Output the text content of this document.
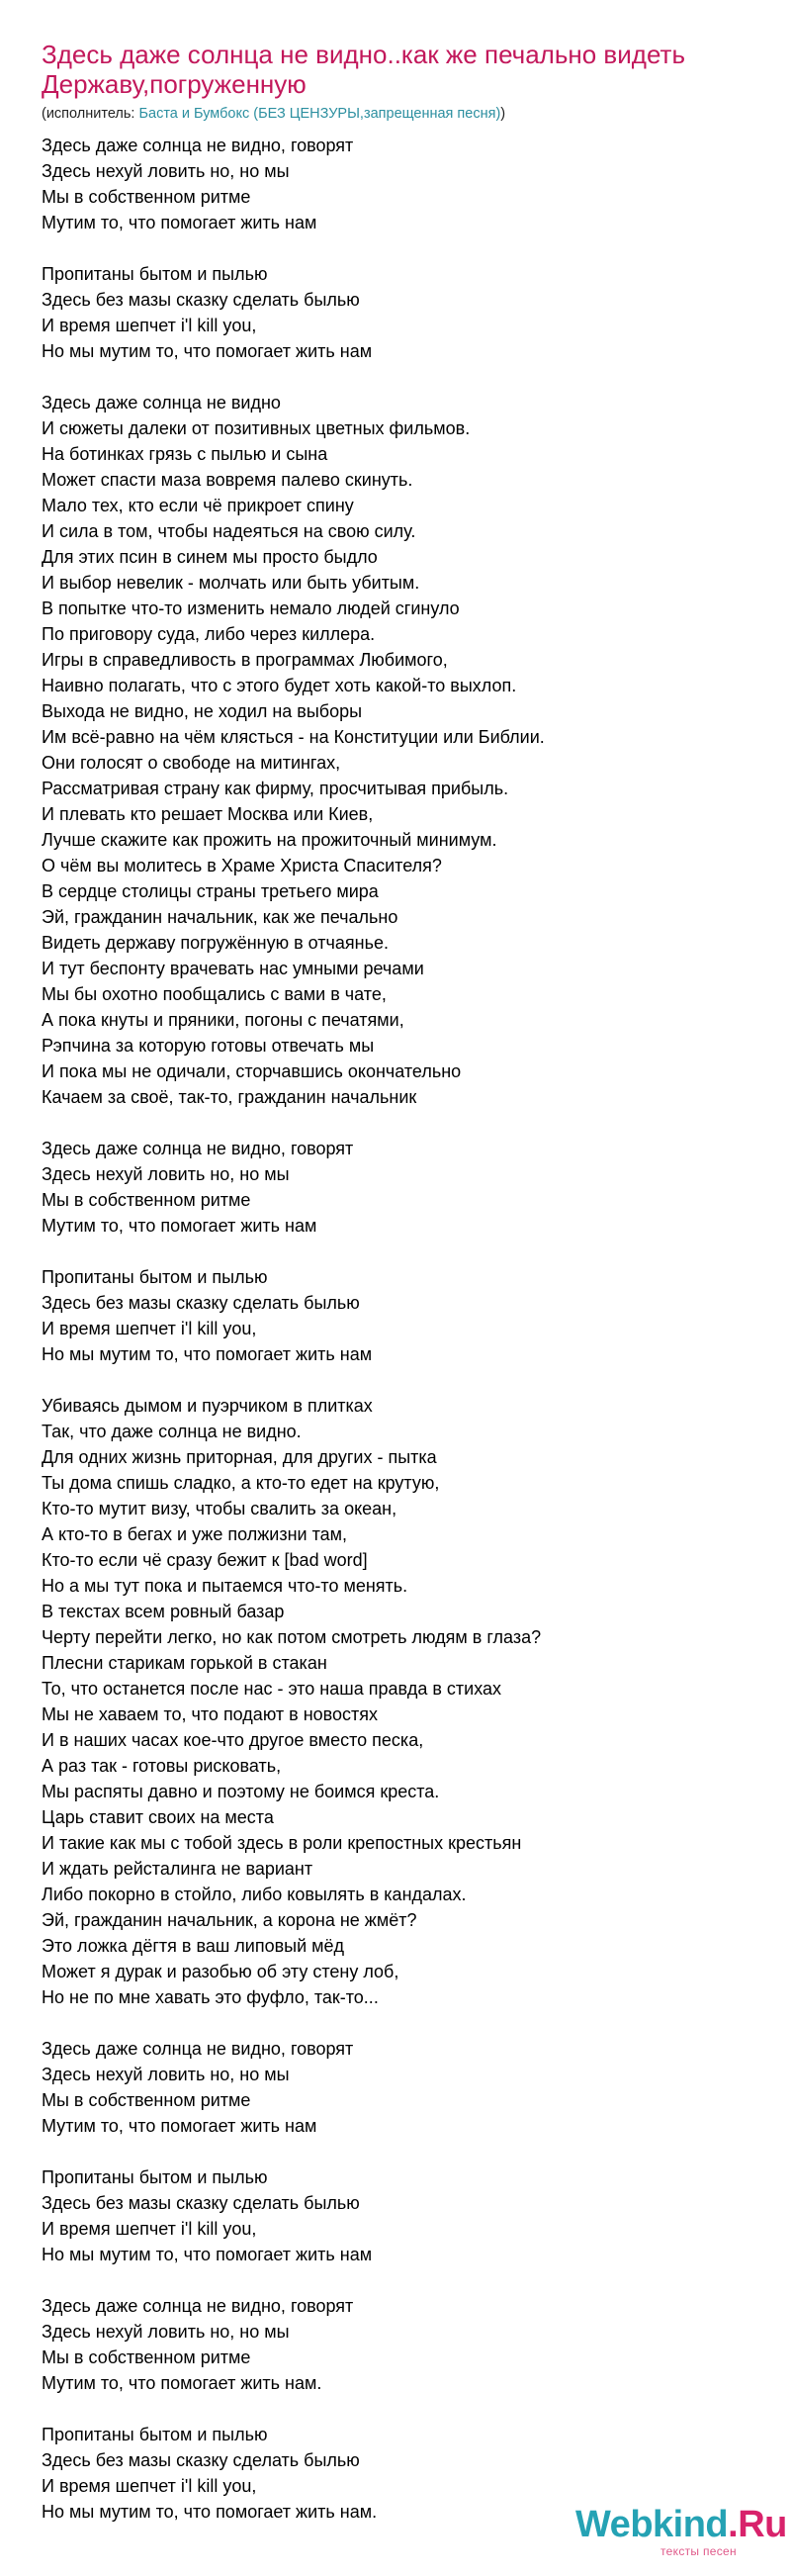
Здесь даже солнца не видно..как же печально видеть Державу,погруженную
(исполнитель: Баста и Бумбокс (БЕЗ ЦЕНЗУРЫ,запрещенная песня))
Здесь даже солнца не видно, говорят
Здесь нехуй ловить но, но мы
Мы в собственном ритме
Мутим то, что помогает жить нам
Пропитаны бытом и пылью
Здесь без мазы сказку сделать былью
И время шепчет i'l kill you,
Но мы мутим то, что помогает жить нам
Здесь даже солнца не видно
И сюжеты далеки от позитивных цветных фильмов.
На ботинках грязь с пылью и сына
Может спасти маза вовремя палево скинуть.
Мало тех, кто если чё прикроет спину
И сила в том, чтобы надеяться на свою силу.
Для этих псин в синем мы просто быдло
И выбор невелик - молчать или быть убитым.
В попытке что-то изменить немало людей сгинуло
По приговору суда, либо через киллера.
Игры в справедливость в программах Любимого,
Наивно полагать, что с этого будет хоть какой-то выхлоп.
Выхода не видно, не ходил на выборы
Им всё-равно на чём клясться - на Конституции или Библии.
Они голосят о свободе на митингах,
Рассматривая страну как фирму, просчитывая прибыль.
И плевать кто решает Москва или Киев,
Лучше скажите как прожить на прожиточный минимум.
О чём вы молитесь в Храме Христа Спасителя?
В сердце столицы страны третьего мира
Эй, гражданин начальник, как же печально
Видеть державу погружённую в отчаянье.
И тут беспонту врачевать нас умными речами
Мы бы охотно пообщались с вами в чате,
А пока кнуты и пряники, погоны с печатями,
Рэпчина за которую готовы отвечать мы
И пока мы не одичали, сторчавшись окончательно
Качаем за своё, так-то, гражданин начальник
Здесь даже солнца не видно, говорят
Здесь нехуй ловить но, но мы
Мы в собственном ритме
Мутим то, что помогает жить нам
Пропитаны бытом и пылью
Здесь без мазы сказку сделать былью
И время шепчет i'l kill you,
Но мы мутим то, что помогает жить нам
Убиваясь дымом и пуэрчиком в плитках
Так, что даже солнца не видно.
Для одних жизнь приторная, для других - пытка
Ты дома спишь сладко, а кто-то едет на крутую,
Кто-то мутит визу, чтобы свалить за океан,
А кто-то в бегах и уже полжизни там,
Кто-то если чё сразу бежит к [bad word]
Но а мы тут пока и пытаемся что-то менять.
В текстах всем ровный базар
Черту перейти легко, но как потом смотреть людям в глаза?
Плесни старикам горькой в стакан
То, что останется после нас - это наша правда в стихах
Мы не хаваем то, что подают в новостях
И в наших часах кое-что другое вместо песка,
А раз так - готовы рисковать,
Мы распяты давно и поэтому не боимся креста.
Царь ставит своих на места
И такие как мы с тобой здесь в роли крепостных крестьян
И ждать рейсталинга не вариант
Либо покорно в стойло, либо ковылять в кандалах.
Эй, гражданин начальник, а корона не жмёт?
Это ложка дёгтя в ваш липовый мёд
Может я дурак и разобью об эту стену лоб,
Но не по мне хавать это фуфло, так-то...
Здесь даже солнца не видно, говорят
Здесь нехуй ловить но, но мы
Мы в собственном ритме
Мутим то, что помогает жить нам
Пропитаны бытом и пылью
Здесь без мазы сказку сделать былью
И время шепчет i'l kill you,
Но мы мутим то, что помогает жить нам
Здесь даже солнца не видно, говорят
Здесь нехуй ловить но, но мы
Мы в собственном ритме
Мутим то, что помогает жить нам.
Пропитаны бытом и пылью
Здесь без мазы сказку сделать былью
И время шепчет i'l kill you,
Но мы мутим то, что помогает жить нам.	Webkind.Ru
тексты песен
